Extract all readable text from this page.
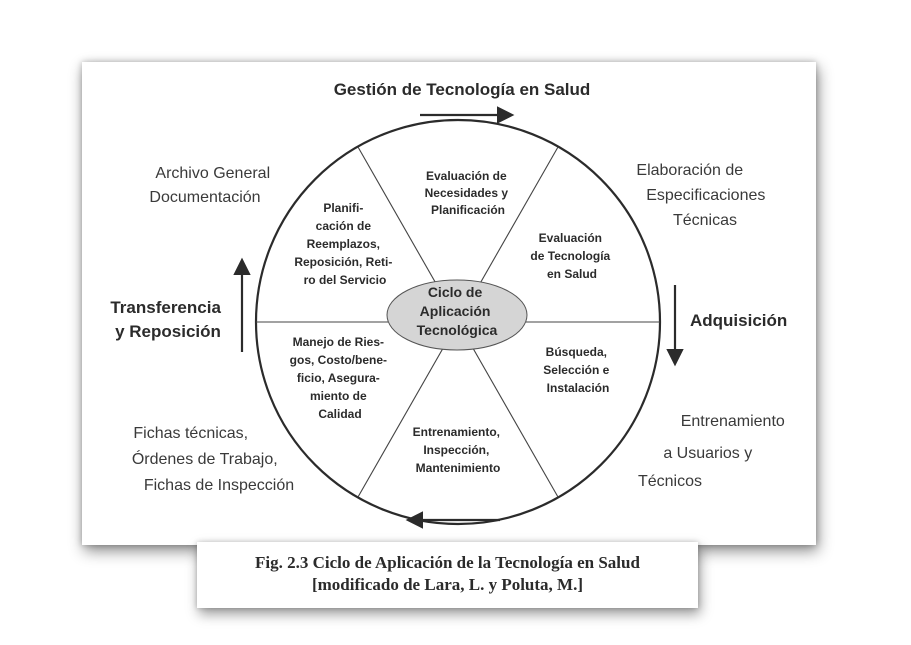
Gestión de Tecnología en Salud
Ciclo de Aplicación Tecnológica
Evaluación de Necesidades y Planificación
Evaluación de Tecnología en Salud
Búsqueda, Selección e Instalación
Entrenamiento, Inspección, Mantenimiento
Manejo de Ries- gos, Costo/bene- ficio, Asegura- miento de Calidad
Planifi- cación de Reemplazos, Reposición, Reti- ro del Servicio
Archivo General Documentación
Elaboración de Especificaciones Técnicas
Entrenamiento a Usuarios y Técnicos
Fichas técnicas, Órdenes de Trabajo, Fichas de Inspección
Transferencia y Reposición
Adquisición
Fig. 2.3 Ciclo de Aplicación de la Tecnología en Salud
[modificado de Lara, L. y Poluta, M.]
